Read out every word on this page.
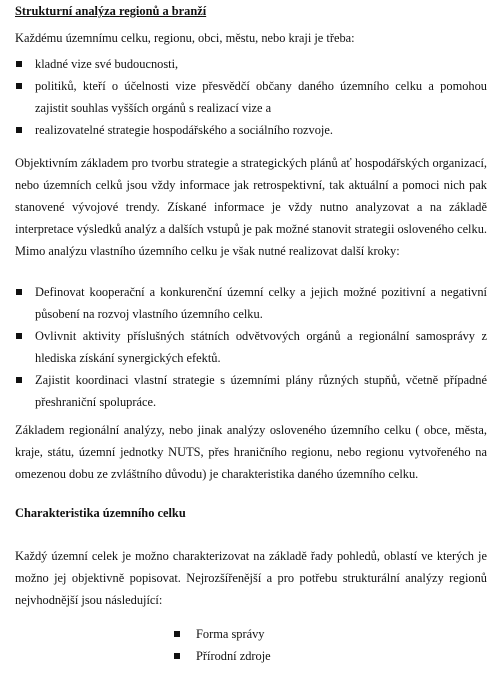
Strukturní analýza regionů a branží

Každému územnímu celku, regionu, obci, městu, nebo kraji je třeba:

kladné vize své budoucnosti,
politiků, kteří o účelnosti vize přesvědčí občany daného územního celku a pomohou zajistit souhlas vyšších orgánů s realizací vize a
realizovatelné strategie hospodářského a sociálního rozvoje.

Objektivním základem pro tvorbu strategie a strategických plánů ať hospodářských organizací, nebo územních celků jsou vždy informace jak retrospektivní, tak aktuální a pomoci nich pak stanovené vývojové trendy. Získané informace je vždy nutno analyzovat a na základě interpretace výsledků analýz a dalších vstupů je pak možné stanovit strategii osloveného celku. Mimo analýzu vlastního územního celku je však nutné realizovat další kroky:

Definovat kooperační a konkurenční územní celky a jejich možné pozitivní a negativní působení na rozvoj vlastního územního celku.
Ovlivnit aktivity příslušných státních odvětvových orgánů a regionální samosprávy z hlediska získání synergických efektů.
Zajistit koordinaci vlastní strategie s územními plány různých stupňů, včetně případné přeshraniční spolupráce.

Základem regionální analýzy, nebo jinak analýzy osloveného územního celku ( obce, města, kraje, státu, územní jednotky NUTS, přes hraničního regionu, nebo regionu vytvořeného na omezenou dobu ze zvláštního důvodu) je charakteristika daného územního celku.

Charakteristika územního celku

Každý územní celek je možno charakterizovat na základě řady pohledů, oblastí ve kterých je možno jej objektivně popisovat. Nejrozšířenější a pro potřebu strukturální analýzy regionů nejvhodnější jsou následující:

Forma správy
Přírodní zdroje
